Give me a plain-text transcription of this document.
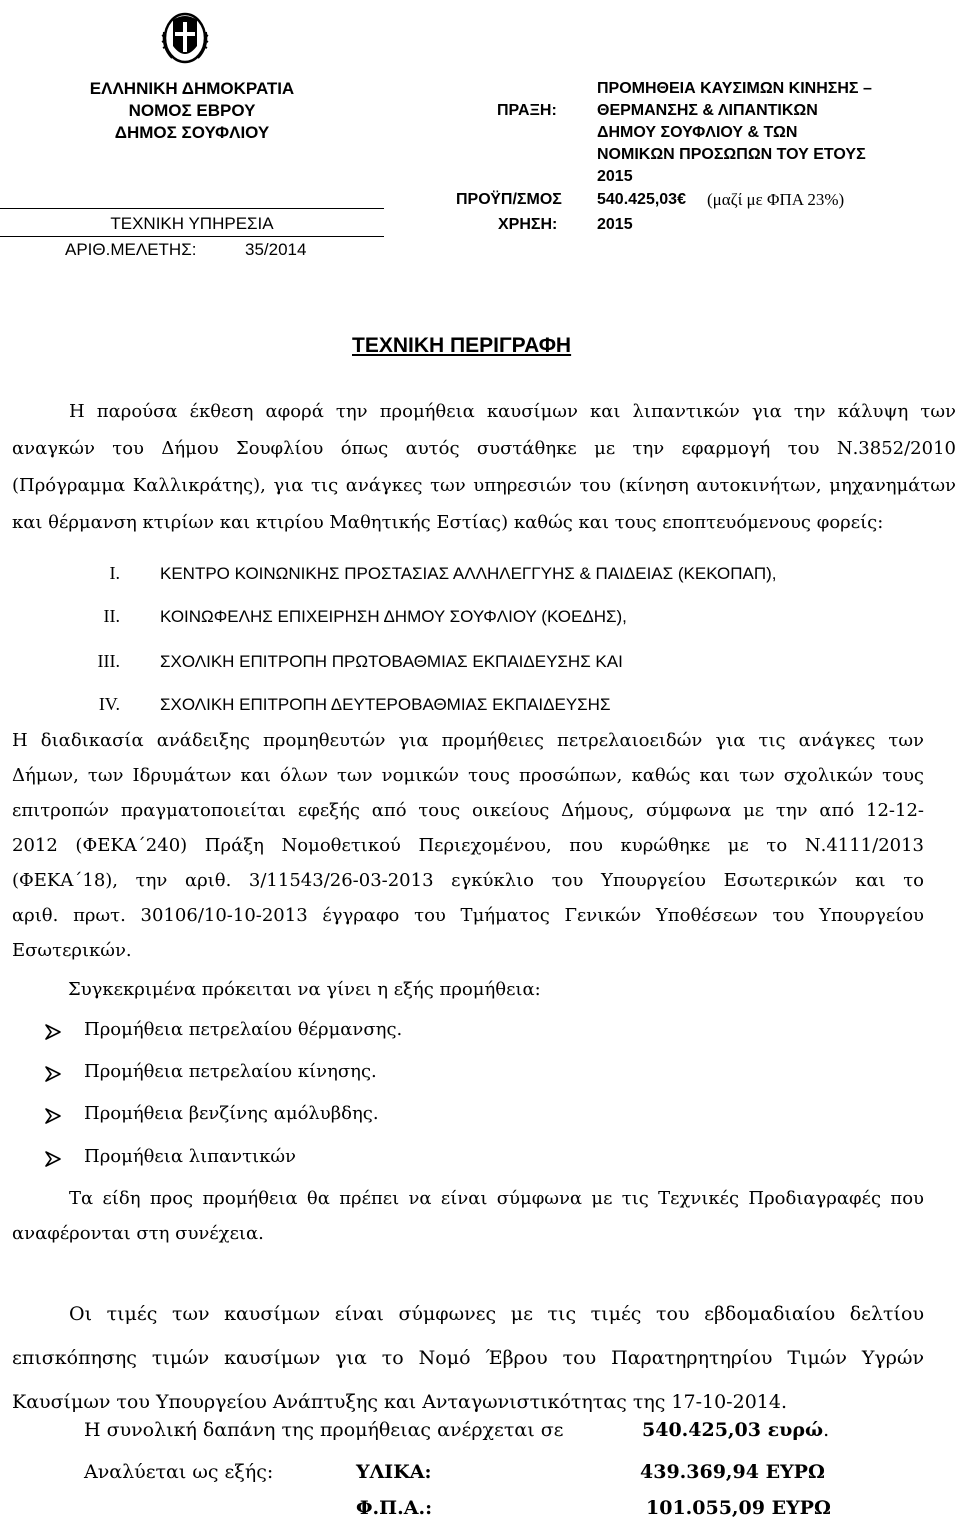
ΕΛΛΗΝΙΚΗ ΔΗΜΟΚΡΑΤΙΑ
ΝΟΜΟΣ ΕΒΡΟΥ
ΔΗΜΟΣ ΣΟΥΦΛΙΟΥ
ΤΕΧΝΙΚΗ ΥΠΗΡΕΣΙΑ
ΑΡΙΘ.ΜΕΛΕΤΗΣ:	35/2014
ΠΡΑΞΗ:
ΠΡΟΜΗΘΕΙΑ ΚΑΥΣΙΜΩΝ ΚΙΝΗΣΗΣ –
ΘΕΡΜΑΝΣΗΣ & ΛΙΠΑΝΤΙΚΩΝ
ΔΗΜΟΥ ΣΟΥΦΛΙΟΥ & ΤΩΝ
ΝΟΜΙΚΩΝ ΠΡΟΣΩΠΩΝ ΤΟΥ ΕΤΟΥΣ
2015
ΠΡΟΫΠ/ΣΜΟΣ 540.425,03€ (μαζί με ΦΠΑ 23%)
ΧΡΗΣΗ: 2015
ΤΕΧΝΙΚΗ ΠΕΡΙΓΡΑΦΗ
Η παρούσα έκθεση αφορά την προμήθεια καυσίμων και λιπαντικών για την κάλυψη των
αναγκών του Δήμου Σουφλίου όπως αυτός συστάθηκε με την εφαρμογή του Ν.3852/2010
(Πρόγραμμα Καλλικράτης), για τις ανάγκες των υπηρεσιών του (κίνηση αυτοκινήτων, μηχανημάτων
και θέρμανση κτιρίων και κτιρίου Μαθητικής Εστίας) καθώς και τους εποπτευόμενους φορείς:
I. ΚΕΝΤΡΟ ΚΟΙΝΩΝΙΚΗΣ ΠΡΟΣΤΑΣΙΑΣ ΑΛΛΗΛΕΓΓΥΗΣ & ΠΑΙΔΕΙΑΣ (ΚΕΚΟΠΑΠ),
II. ΚΟΙΝΩΦΕΛΗΣ ΕΠΙΧΕΙΡΗΣΗ ΔΗΜΟΥ ΣΟΥΦΛΙΟΥ (ΚΟΕΔΗΣ),
III. ΣΧΟΛΙΚΗ ΕΠΙΤΡΟΠΗ ΠΡΩΤΟΒΑΘΜΙΑΣ ΕΚΠΑΙΔΕΥΣΗΣ ΚΑΙ
IV. ΣΧΟΛΙΚΗ ΕΠΙΤΡΟΠΗ ΔΕΥΤΕΡΟΒΑΘΜΙΑΣ ΕΚΠΑΙΔΕΥΣΗΣ
Η διαδικασία ανάδειξης προμηθευτών για προμήθειες πετρελαιοειδών για τις ανάγκες των
Δήμων, των Ιδρυμάτων και όλων των νομικών τους προσώπων, καθώς και των σχολικών τους
επιτροπών πραγματοποιείται εφεξής από τους οικείους Δήμους, σύμφωνα με την από 12-12-
2012 (ΦΕΚΑ΄240) Πράξη Νομοθετικού Περιεχομένου, που κυρώθηκε με το Ν.4111/2013
(ΦΕΚΑ΄18), την αριθ. 3/11543/26-03-2013 εγκύκλιο του Υπουργείου Εσωτερικών και το
αριθ. πρωτ. 30106/10-10-2013 έγγραφο του Τμήματος Γενικών Υποθέσεων του Υπουργείου
Εσωτερικών.
Συγκεκριμένα πρόκειται να γίνει η εξής προμήθεια:
Προμήθεια πετρελαίου θέρμανσης.
Προμήθεια πετρελαίου κίνησης.
Προμήθεια βενζίνης αμόλυβδης.
Προμήθεια λιπαντικών
Τα είδη προς προμήθεια θα πρέπει να είναι σύμφωνα με τις Τεχνικές Προδιαγραφές που
αναφέρονται στη συνέχεια.
Οι τιμές των καυσίμων είναι σύμφωνες με τις τιμές του εβδομαδιαίου δελτίου
επισκόπησης τιμών καυσίμων για το Νομό Έβρου του Παρατηρητηρίου Τιμών Υγρών
Καυσίμων του Υπουργείου Ανάπτυξης και Ανταγωνιστικότητας της 17-10-2014.
Η συνολική δαπάνη της προμήθειας ανέρχεται σε	540.425,03 ευρώ.
Αναλύεται ως εξής:	ΥΛΙΚΑ:	439.369,94 ΕΥΡΩ
Φ.Π.Α.:	101.055,09 ΕΥΡΩ
